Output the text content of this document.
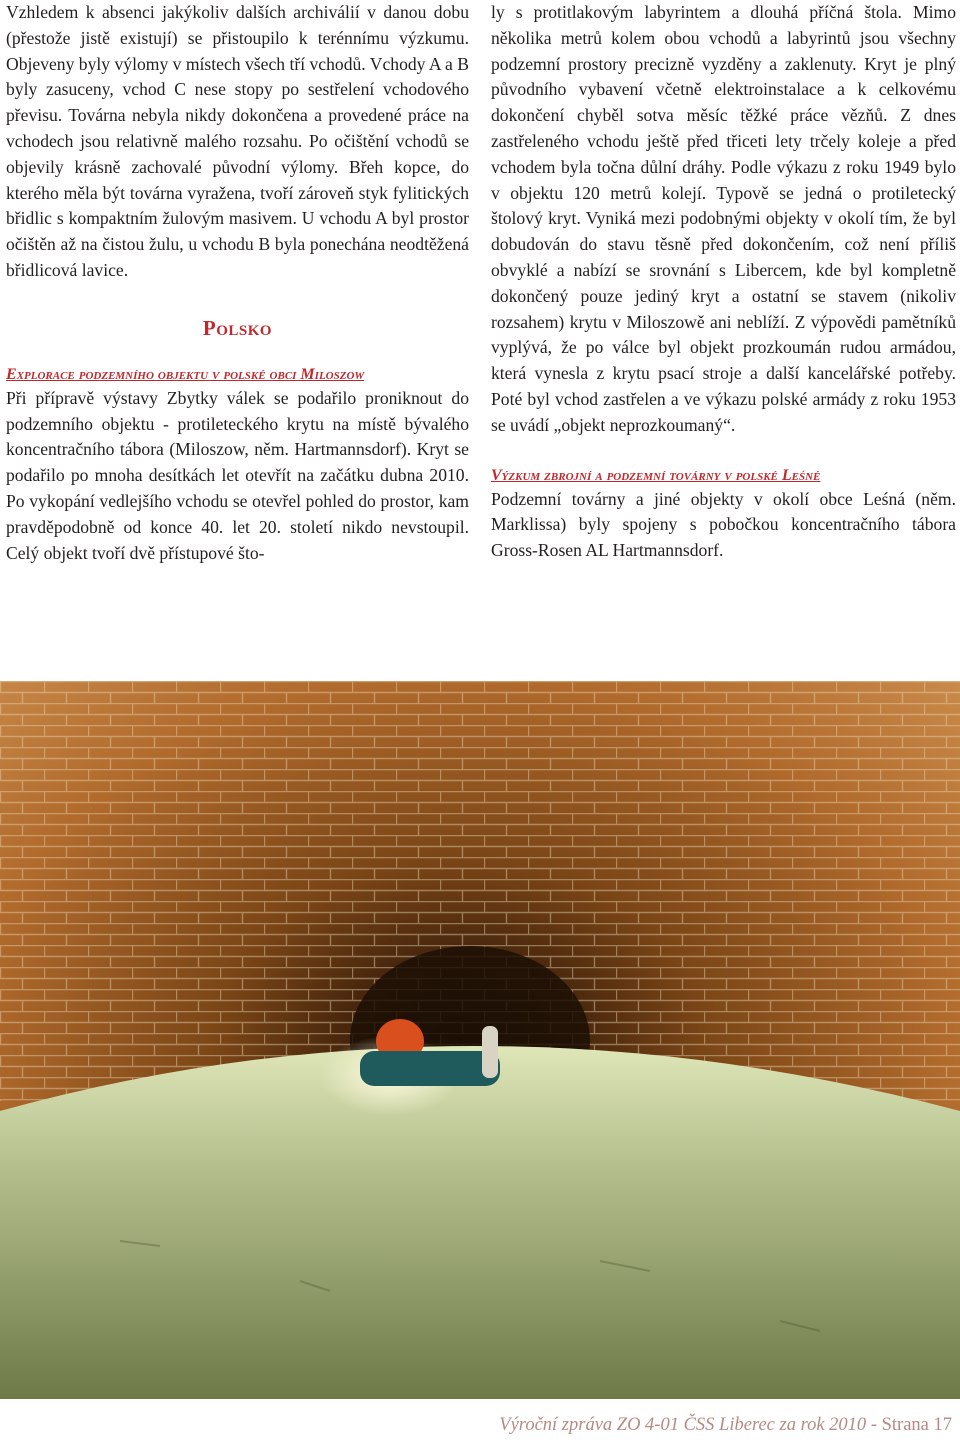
Vzhledem k absenci jakýkoliv dalších archiválií v danou dobu (přestože jistě existují) se přistoupilo k terénnímu výzkumu. Objeveny byly výlomy v místech všech tří vchodů. Vchody A a B byly zasuceny, vchod C nese stopy po sestřelení vchodového převisu. Továrna nebyla nikdy dokončena a provedené práce na vchodech jsou relativně malého rozsahu. Po očištění vchodů se objevily krásně zachovalé původní výlomy. Břeh kopce, do kterého měla být továrna vyražena, tvoří zároveň styk fylitických břidlic s kompaktním žulovým masivem. U vchodu A byl prostor očištěn až na čistou žulu, u vchodu B byla ponechána neodtěžená břidlicová lavice.

Polsko
Explorace podzemního objektu v polské obci Miloszow

Při přípravě výstavy Zbytky válek se podařilo proniknout do podzemního objektu - protileteckého krytu na místě bývalého koncentračního tábora (Miloszow, něm. Hartmannsdorf). Kryt se podařilo po mnoha desítkách let otevřít na začátku dubna 2010. Po vykopání vedlejšího vchodu se otevřel pohled do prostor, kam pravděpodobně od konce 40. let 20. století nikdo nevstoupil. Celý objekt tvoří dvě přístupové što-

ly s protitlakovým labyrintem a dlouhá příčná štola. Mimo několika metrů kolem obou vchodů a labyrintů jsou všechny podzemní prostory precizně vyzděny a zaklenuty. Kryt je plný původního vybavení včetně elektroinstalace a k celkovému dokončení chyběl sotva měsíc těžké práce vězňů. Z dnes zastřeleného vchodu ještě před třiceti lety trčely koleje a před vchodem byla točna důlní dráhy. Podle výkazu z roku 1949 bylo v objektu 120 metrů kolejí. Typově se jedná o protiletecký štolový kryt. Vyniká mezi podobnými objekty v okolí tím, že byl dobudován do stavu těsně před dokončením, což není příliš obvyklé a nabízí se srovnání s Libercem, kde byl kompletně dokončený pouze jediný kryt a ostatní se stavem (nikoliv rozsahem) krytu v Miloszowě ani neblíží. Z výpovědi pamětníků vyplývá, že po válce byl objekt prozkoumán rudou armádou, která vynesla z krytu psací stroje a další kancelářské potřeby. Poté byl vchod zastřelen a ve výkazu polské armády z roku 1953 se uvádí „objekt neprozkoumaný“.

Výzkum zbrojní a podzemní továrny v polské Leśné

Podzemní továrny a jiné objekty v okolí obce Leśná (něm. Marklissa) byly spojeny s pobočkou koncentračního tábora Gross-Rosen AL Hartmannsdorf.

Výroční zpráva ZO 4-01 ČSS Liberec za rok 2010 - Strana 17
